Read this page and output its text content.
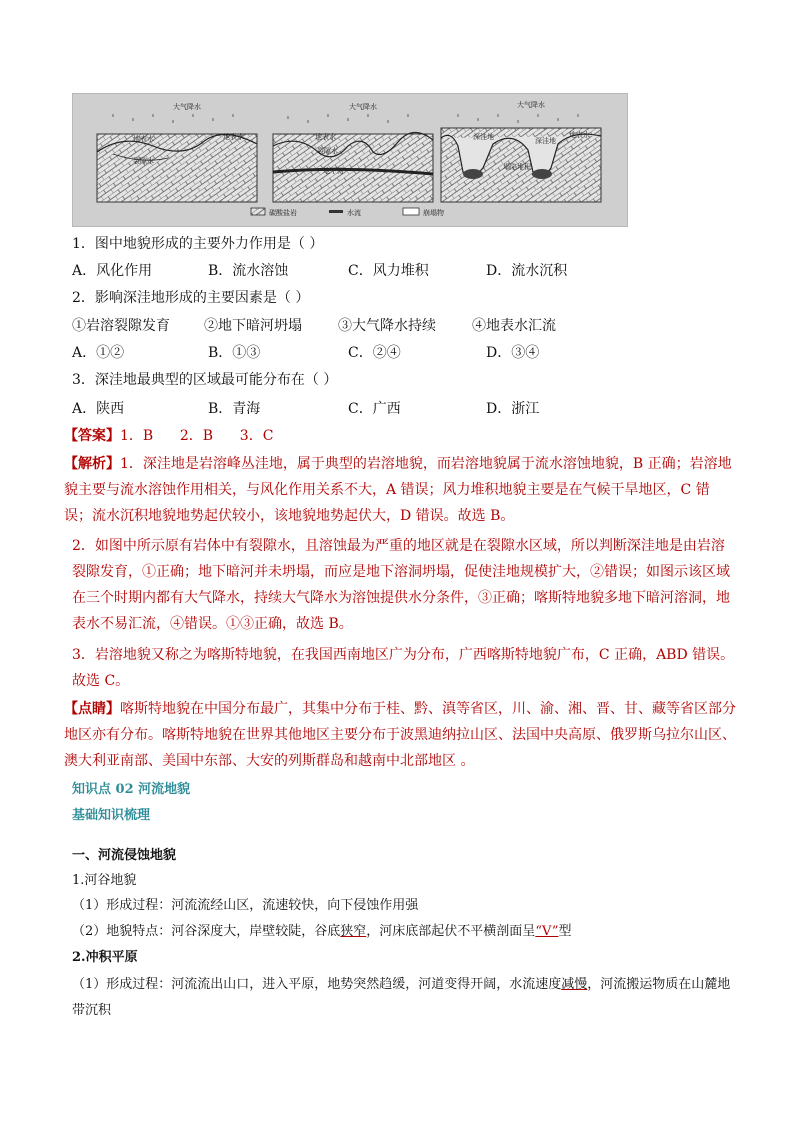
大气降水	大气降水	大气降水
地表水	地表水
裂隙水
地表水
裂隙水
地下河
深洼地	深洼地
地表水
塌陷堆积
碳酸盐岩	水流	崩塌物
1．图中地貌形成的主要外力作用是（ ）
A．风化作用	B．流水溶蚀	C．风力堆积	D．流水沉积
2．影响深洼地形成的主要因素是（ ）
①岩溶裂隙发育 ②地下暗河坍塌	③大气降水持续	④地表水汇流
A．①②	B．①③	C．②④	D．③④
3．深洼地最典型的区域最可能分布在（ ）
A．陕西	B．青海	C．广西	D．浙江
【答案】1．B      2．B      3．C
【解析】1．深洼地是岩溶峰丛洼地，属于典型的岩溶地貌，而岩溶地貌属于流水溶蚀地貌，B 正确；岩溶地貌主要与流水溶蚀作用相关，与风化作用关系不大，A 错误；风力堆积地貌主要是在气候干旱地区，C 错误；流水沉积地貌地势起伏较小，该地貌地势起伏大，D 错误。故选 B。
2．如图中所示原有岩体中有裂隙水，且溶蚀最为严重的地区就是在裂隙水区域，所以判断深洼地是由岩溶裂隙发育，①正确；地下暗河并未坍塌，而应是地下溶洞坍塌，促使洼地规模扩大，②错误；如图示该区域在三个时期内都有大气降水，持续大气降水为溶蚀提供水分条件，③正确；喀斯特地貌多地下暗河溶洞，地表水不易汇流，④错误。①③正确，故选 B。
3．岩溶地貌又称之为喀斯特地貌，在我国西南地区广为分布，广西喀斯特地貌广布，C 正确，ABD 错误。故选 C。
【点睛】喀斯特地貌在中国分布最广，其集中分布于桂、黔、滇等省区，川、渝、湘、晋、甘、藏等省区部分地区亦有分布。喀斯特地貌在世界其他地区主要分布于波黑迪纳拉山区、法国中央高原、俄罗斯乌拉尔山区、澳大利亚南部、美国中东部、大安的列斯群岛和越南中北部地区 。
知识点 02 河流地貌
基础知识梳理
一、河流侵蚀地貌
1.河谷地貌
（1）形成过程：河流流经山区，流速较快，向下侵蚀作用强
（2）地貌特点：河谷深度大，岸壁较陡，谷底狭窄，河床底部起伏不平横剖面呈“V”型
2.冲积平原
（1）形成过程：河流流出山口，进入平原，地势突然趋缓，河道变得开阔，水流速度减慢，河流搬运物质在山麓地带沉积
